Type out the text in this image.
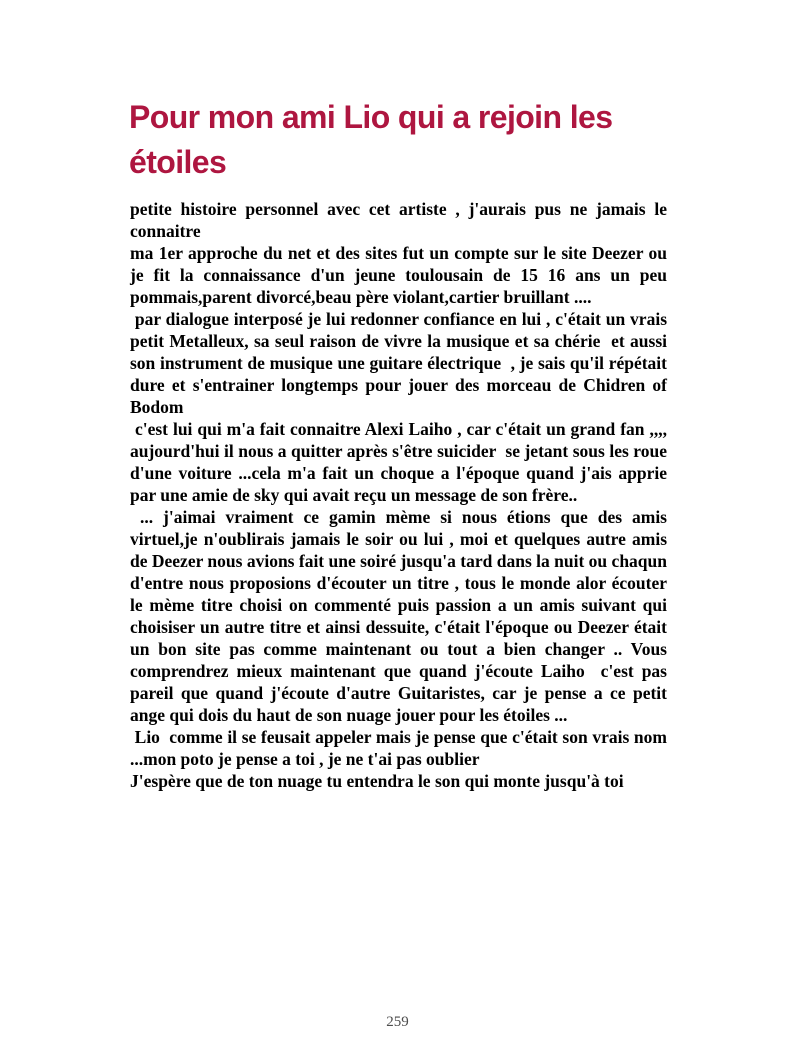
Pour mon ami Lio qui a rejoin les étoiles

petite histoire personnel avec cet artiste , j'aurais pus ne jamais le connaitre

ma 1er approche du net et des sites fut un compte sur le site Deezer ou je fit la connaissance d'un jeune toulousain de 15 16 ans un peu pommais,parent divorcé,beau père violant,cartier bruillant ....

par dialogue interposé je lui redonner confiance en lui , c'était un vrais petit Metalleux, sa seul raison de vivre la musique et sa chérie  et aussi son instrument de musique une guitare électrique  , je sais qu'il répétait dure et s'entrainer longtemps pour jouer des morceau de Chidren of Bodom

c'est lui qui m'a fait connaitre Alexi Laiho , car c'était un grand fan ,,,, aujourd'hui il nous a quitter après s'être suicider  se jetant sous les roue d'une voiture ...cela m'a fait un choque a l'époque quand j'ais apprie par une amie de sky qui avait reçu un message de son frère..

... j'aimai vraiment ce gamin mème si nous étions que des amis virtuel,je n'oublirais jamais le soir ou lui , moi et quelques autre amis de Deezer nous avions fait une soiré jusqu'a tard dans la nuit ou chaqun d'entre nous proposions d'écouter un titre , tous le monde alor écouter le mème titre choisi on commenté puis passion a un amis suivant qui choisiser un autre titre et ainsi dessuite, c'était l'époque ou Deezer était un bon site pas comme maintenant ou tout a bien changer .. Vous comprendrez mieux maintenant que quand j'écoute Laiho  c'est pas pareil que quand j'écoute d'autre Guitaristes, car je pense a ce petit ange qui dois du haut de son nuage jouer pour les étoiles ...

Lio  comme il se feusait appeler mais je pense que c'était son vrais nom ...mon poto je pense a toi , je ne t'ai pas oublier

J'espère que de ton nuage tu entendra le son qui monte jusqu'à toi

259
